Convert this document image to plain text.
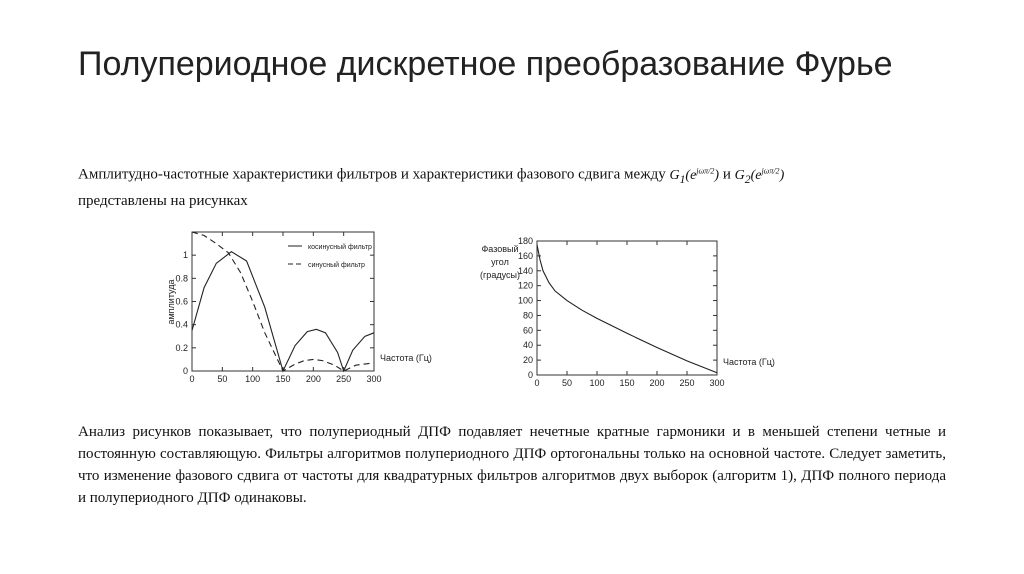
Полупериодное дискретное преобразование Фурье
Амплитудно-частотные характеристики фильтров и характеристики фазового сдвига между $G_1(e^{j\omega\pi/2})$ и $G_2(e^{j\omega\pi/2})$
представлены на рисунках
0	50 100 150 200 250 300
0
0.2
0.4
0.6
0.8
1
Частота (Гц)
амплитуда
косинусный фильтр
синусный фильтр
0 50 100 150 200 250 300
0
20
40
60
80
100
120
140
160
180
Частота (Гц)
Фазовый
угол
(градусы)
Анализ рисунков показывает, что полупериодный ДПФ подавляет нечетные кратные гармоники и в меньшей степени четные и постоянную составляющую. Фильтры алгоритмов полупериодного ДПФ ортогональны только на основной частоте. Следует заметить, что изменение фазового сдвига от частоты для квадратурных фильтров алгоритмов двух выборок (алгоритм 1), ДПФ полного периода и полупериодного ДПФ одинаковы.
